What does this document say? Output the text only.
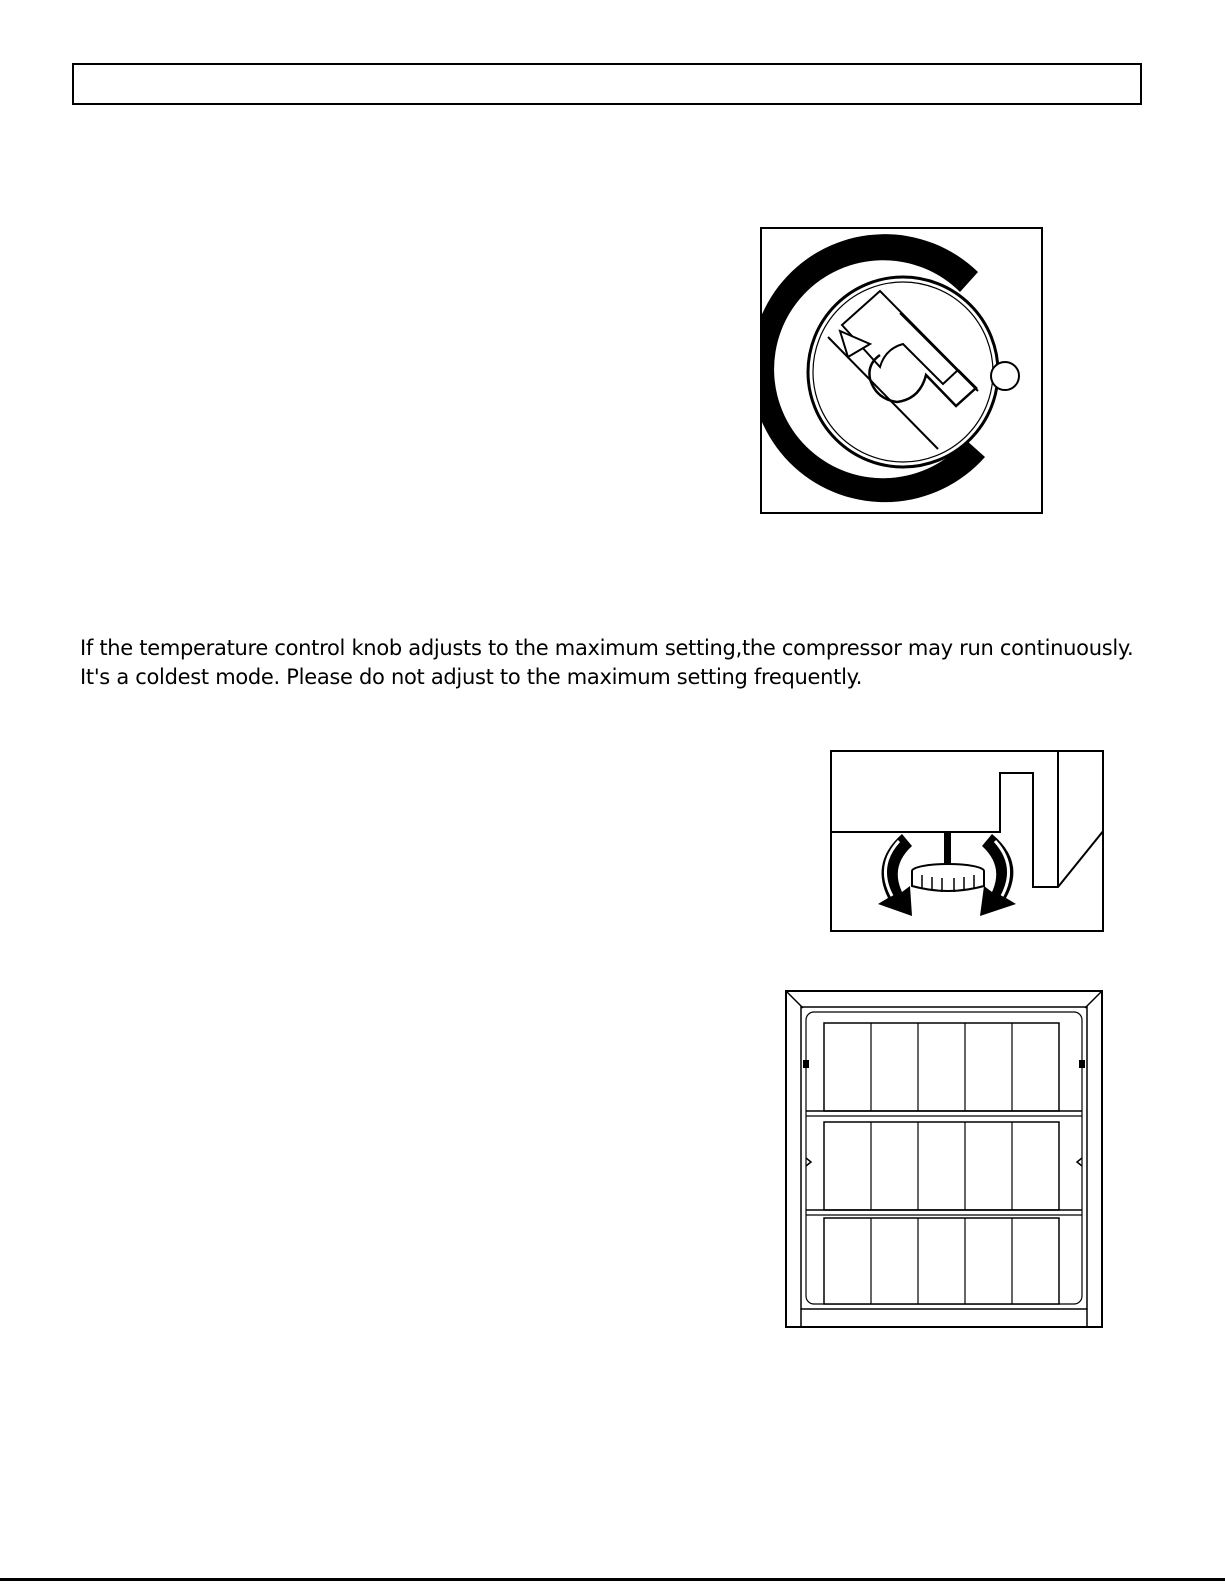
If the temperature control knob adjusts to the maximum setting,the compressor may run continuously.

It's a coldest mode. Please do not adjust to the maximum setting frequently.
